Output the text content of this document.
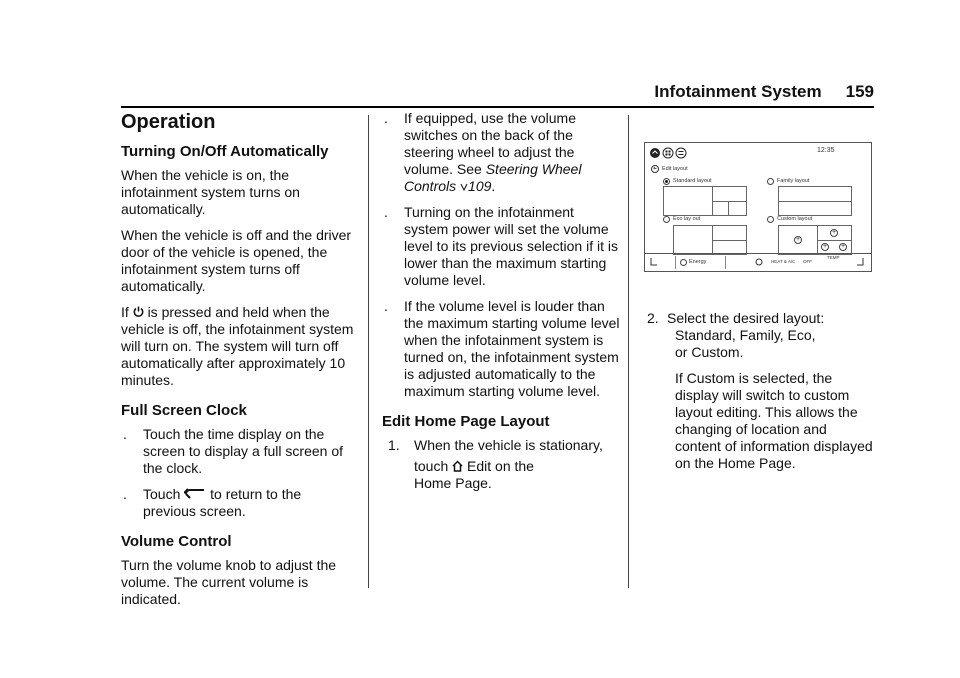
Infotainment System 159
Operation
Turning On/Off Automatically

When the vehicle is on, the infotainment system turns on automatically.

When the vehicle is off and the driver door of the vehicle is opened, the infotainment system turns off automatically.

If is pressed and held when the vehicle is off, the infotainment system will turn on. The system will turn off automatically after approximately 10 minutes.

Full Screen Clock
. Touch the time display on the screen to display a full screen of the clock.
. Touch to return to the previous screen.
Volume Control

Turn the volume knob to adjust the volume. The current volume is indicated.

. If equipped, use the volume switches on the back of the steering wheel to adjust the volume. See Steering Wheel Controls 109.
. Turning on the infotainment system power will set the volume level to its previous selection if it is lower than the maximum starting volume level.
. If the volume level is louder than the maximum starting volume level when the infotainment system is turned on, the infotainment system is adjusted automatically to the maximum starting volume level.
Edit Home Page Layout
1. When the vehicle is stationary,
touch Edit on the
Home Page.
12:35
Edit layout
Standard layout	Family layout
Eco lay out	Custom layout
+
+
+ +
Energy	HEAT & A/C OFF
TEMP
2. Select the desired layout:
Standard, Family, Eco,
or Custom.

If Custom is selected, the display will switch to custom layout editing. This allows the changing of location and content of information displayed on the Home Page.
